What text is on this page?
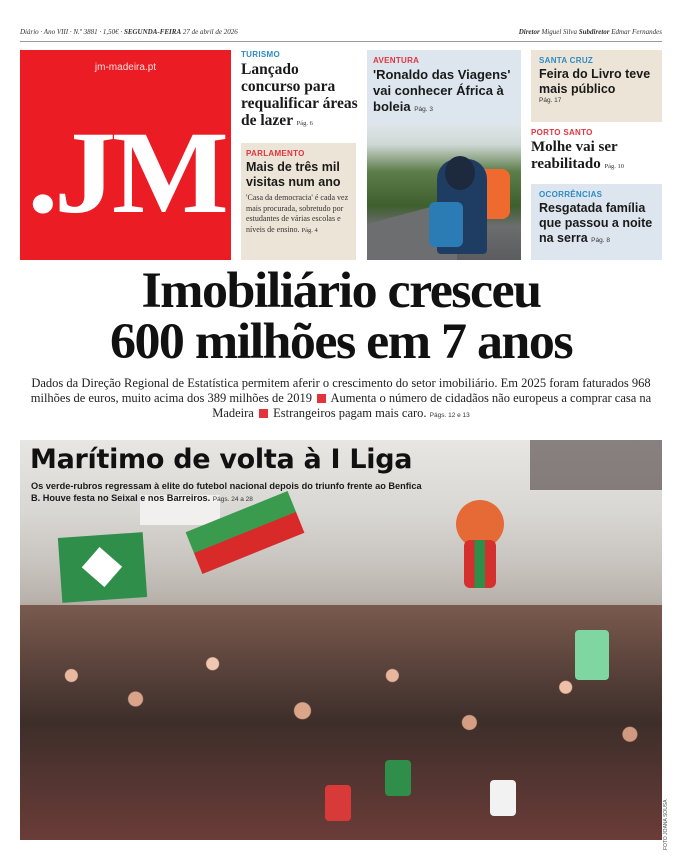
Diário · Ano VIII · N.º 3881 · 1,50€ · SEGUNDA-FEIRA 27 de abril de 2026	Diretor Miguel Silva Subdiretor Edmar Fernandes
jm-madeira.pt
.JM
TURISMO
Lançado concurso para requalificar áreas de lazer Pág. 6
PARLAMENTO
Mais de três mil visitas num ano
'Casa da democracia' é cada vez mais procurada, sobretudo por estudantes de várias escolas e níveis de ensino. Pág. 4
AVENTURA
'Ronaldo das Viagens' vai conhecer África à boleia Pág. 3
SANTA CRUZ
Feira do Livro teve mais público
Pág. 17
PORTO SANTO
Molhe vai ser reabilitado Pág. 10
OCORRÊNCIAS
Resgatada família que passou a noite na serra Pág. 8
Imobiliário cresceu
600 milhões em 7 anos
Dados da Direção Regional de Estatística permitem aferir o crescimento do setor imobiliário. Em 2025 foram faturados 968 milhões de euros, muito acima dos 389 milhões de 2019  Aumenta o número de cidadãos não europeus a comprar casa na Madeira  Estrangeiros pagam mais caro. Págs. 12 e 13
Marítimo de volta à I Liga
Os verde-rubros regressam à elite do futebol nacional depois do triunfo frente ao Benfica B. Houve festa no Seixal e nos Barreiros. Págs. 24 a 28
FOTO JOANA SOUSA
